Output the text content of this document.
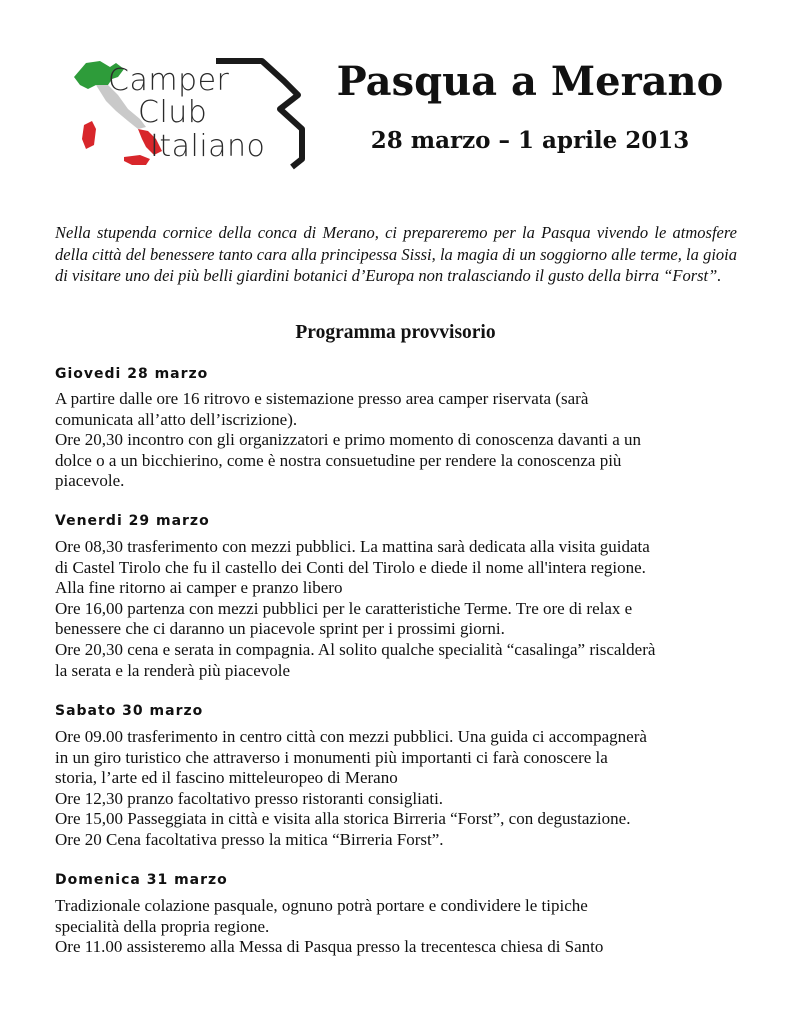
Camper
Club
Italiano
Pasqua a Merano
28 marzo – 1 aprile 2013
Nella stupenda cornice della conca di Merano, ci prepareremo per la Pasqua vivendo le atmosfere della città del benessere tanto cara alla principessa Sissi, la magia di un soggiorno alle terme, la gioia di visitare uno dei più belli giardini botanici d’Europa non tralasciando il gusto della birra “Forst”.
Programma provvisorio
Giovedi 28 marzo
A partire dalle ore 16 ritrovo e sistemazione presso area camper riservata (sarà
comunicata all’atto dell’iscrizione).
Ore 20,30 incontro con gli organizzatori e primo momento di conoscenza davanti a un
dolce o a un bicchierino, come è nostra consuetudine per rendere la conoscenza più
piacevole.
Venerdi 29 marzo
Ore 08,30 trasferimento con mezzi pubblici. La mattina sarà dedicata alla visita guidata
di Castel Tirolo che fu il castello dei Conti del Tirolo e diede il nome all'intera regione.
Alla fine ritorno ai camper e pranzo libero
Ore 16,00 partenza con mezzi pubblici per le caratteristiche Terme. Tre ore di relax e
benessere che ci daranno un piacevole sprint per i prossimi giorni.
Ore 20,30 cena e serata in compagnia. Al solito qualche specialità “casalinga” riscalderà
la serata e la renderà più piacevole
Sabato 30 marzo
Ore 09.00 trasferimento in centro città con mezzi pubblici. Una guida ci accompagnerà
in un giro turistico che attraverso i monumenti più importanti ci farà conoscere la
storia, l’arte ed il fascino mitteleuropeo di Merano
Ore 12,30 pranzo facoltativo presso ristoranti consigliati.
Ore 15,00 Passeggiata in città e visita alla storica Birreria “Forst”, con degustazione.
Ore 20 Cena facoltativa presso la mitica “Birreria Forst”.
Domenica 31 marzo
Tradizionale colazione pasquale, ognuno potrà portare e condividere le tipiche
specialità della propria regione.
Ore 11.00 assisteremo alla Messa di Pasqua presso la trecentesca chiesa di Santo
